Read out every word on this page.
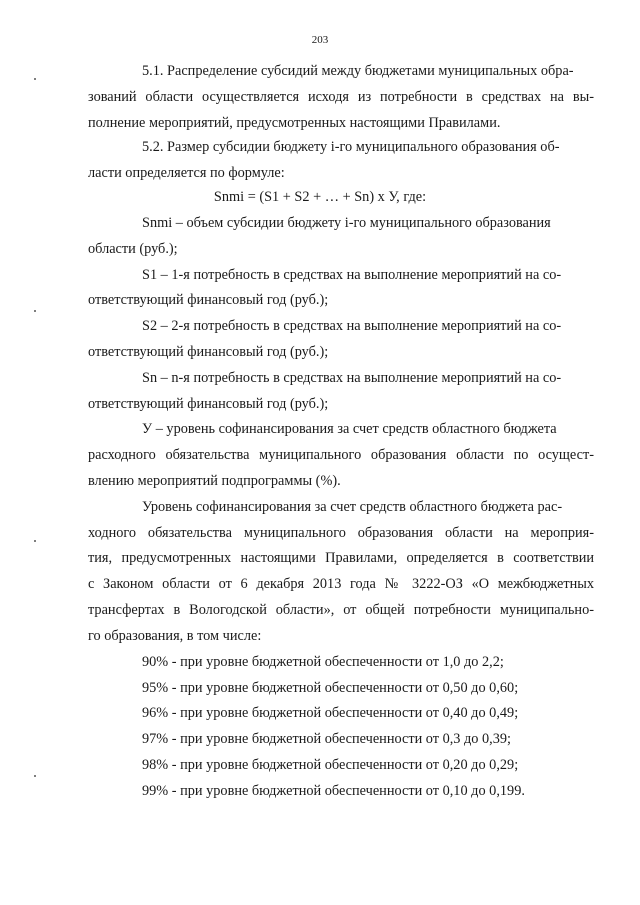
203
5.1. Распределение субсидий между бюджетами муниципальных обра-
зований области осуществляется исходя из потребности в средствах на вы-
полнение мероприятий, предусмотренных настоящими Правилами.
5.2. Размер субсидии бюджету i-го муниципального образования об-
ласти определяется по формуле:
Snmi = (S1 + S2 + … + Sn) х У, где:
Snmi – объем субсидии бюджету i-го муниципального образования
области (руб.);
S1 – 1-я потребность в средствах на выполнение мероприятий на со-
ответствующий финансовый год (руб.);
S2 – 2-я потребность в средствах на выполнение мероприятий на со-
ответствующий финансовый год (руб.);
Sn – n-я потребность в средствах на выполнение мероприятий на со-
ответствующий финансовый год (руб.);
У – уровень софинансирования за счет средств областного бюджета
расходного обязательства муниципального образования области по осущест-
влению мероприятий подпрограммы (%).
Уровень софинансирования за счет средств областного бюджета рас-
ходного обязательства муниципального образования области на мероприя-
тия, предусмотренных настоящими Правилами, определяется в соответствии
с Законом области от 6 декабря 2013 года № 3222-ОЗ «О межбюджетных
трансфертах в Вологодской области», от общей потребности муниципально-
го образования, в том числе:
90% - при уровне бюджетной обеспеченности от 1,0 до 2,2;
95% - при уровне бюджетной обеспеченности от 0,50 до 0,60;
96% - при уровне бюджетной обеспеченности от 0,40 до 0,49;
97% - при уровне бюджетной обеспеченности от 0,3 до 0,39;
98% - при уровне бюджетной обеспеченности от 0,20 до 0,29;
99% - при уровне бюджетной обеспеченности от 0,10 до 0,199.
